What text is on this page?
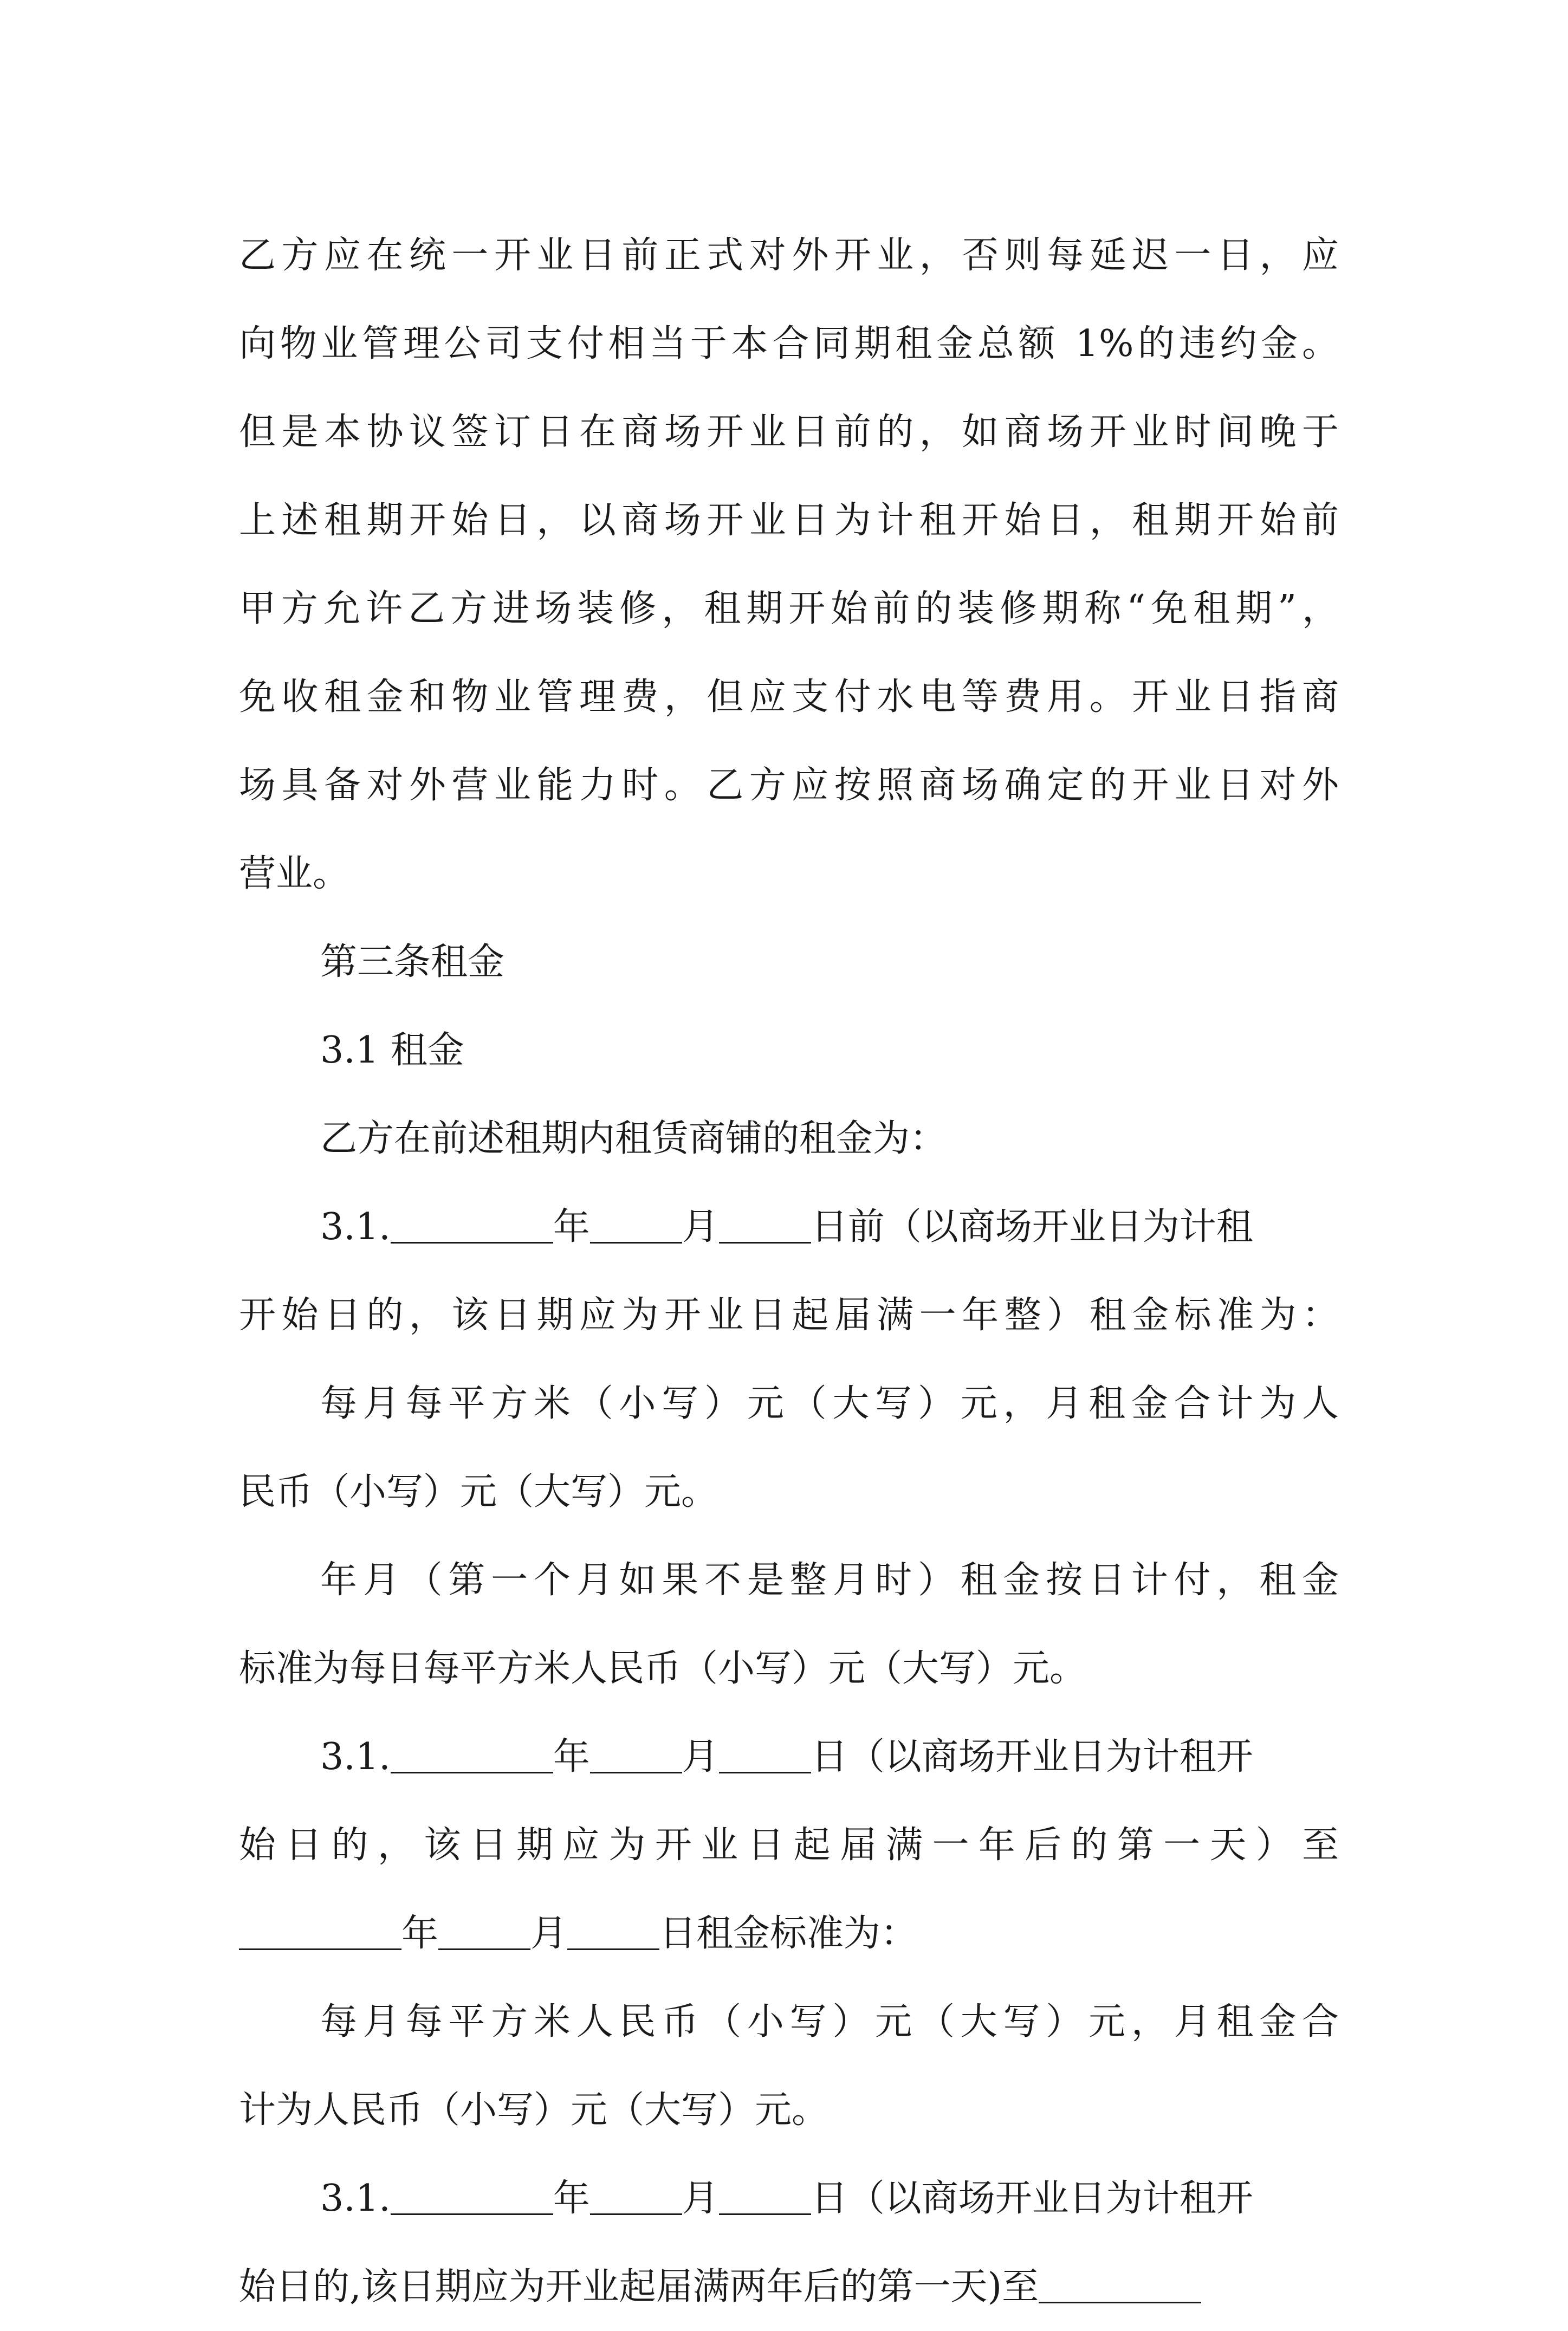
乙方应在统一开业日前正式对外开业，否则每延迟一日，应
向物业管理公司支付相当于本合同期租金总额 1%的违约金。
但是本协议签订日在商场开业日前的，如商场开业时间晚于
上述租期开始日，以商场开业日为计租开始日，租期开始前
甲方允许乙方进场装修，租期开始前的装修期称“免租期”，
免收租金和物业管理费，但应支付水电等费用。开业日指商
场具备对外营业能力时。乙方应按照商场确定的开业日对外
营业。
第三条租金
3.1 租金
乙方在前述租期内租赁商铺的租金为：
3.1.	年	月	日前（以商场开业日为计租
开始日的，该日期应为开业日起届满一年整）租金标准为：
每月每平方米（小写）元（大写）元，月租金合计为人
民币（小写）元（大写）元。
年月（第一个月如果不是整月时）租金按日计付，租金
标准为每日每平方米人民币（小写）元（大写）元。
3.1.	年	月	日（以商场开业日为计租开
始日的，该日期应为开业日起届满一年后的第一天）至
年	月	日租金标准为：
每月每平方米人民币（小写）元（大写）元，月租金合
计为人民币（小写）元（大写）元。
3.1.	年	月	日（以商场开业日为计租开
始日的,该日期应为开业起届满两年后的第一天)至
